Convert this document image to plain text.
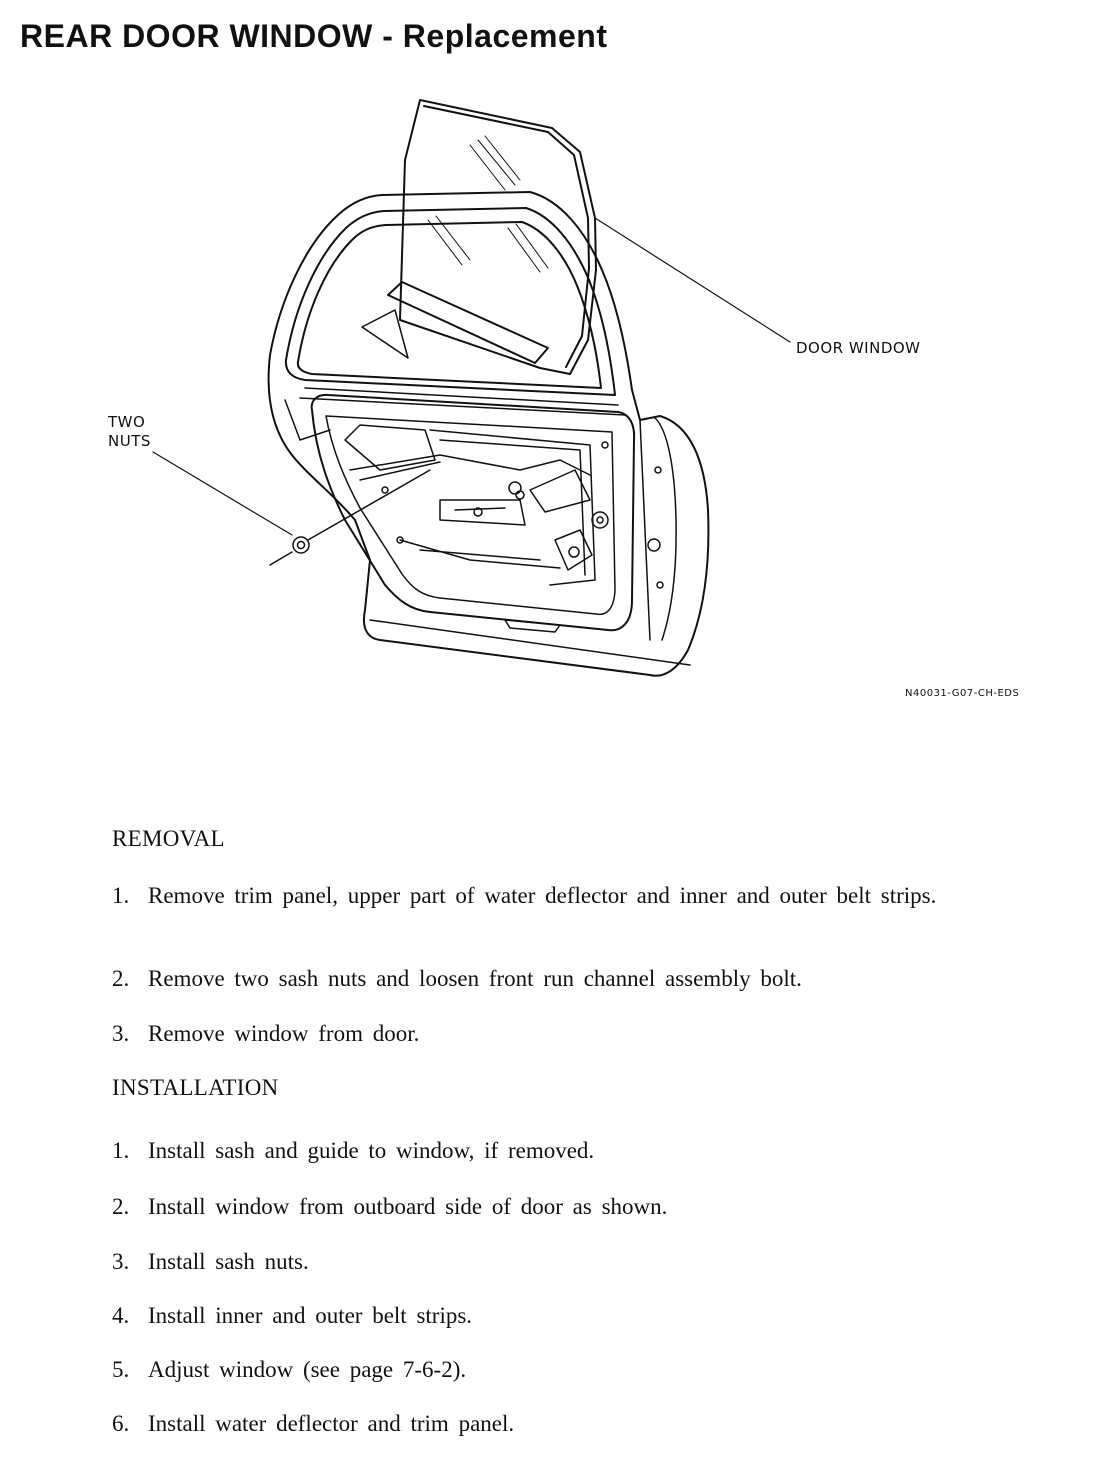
REAR DOOR WINDOW - Replacement
TWO
NUTS
DOOR WINDOW
N40031-G07-CH-EDS
REMOVAL
1. Remove trim panel, upper part of water deflector and inner and outer belt strips.
2. Remove two sash nuts and loosen front run channel assembly bolt.
3. Remove window from door.
INSTALLATION
1. Install sash and guide to window, if removed.
2. Install window from outboard side of door as shown.
3. Install sash nuts.
4. Install inner and outer belt strips.
5. Adjust window (see page 7-6-2).
6. Install water deflector and trim panel.
